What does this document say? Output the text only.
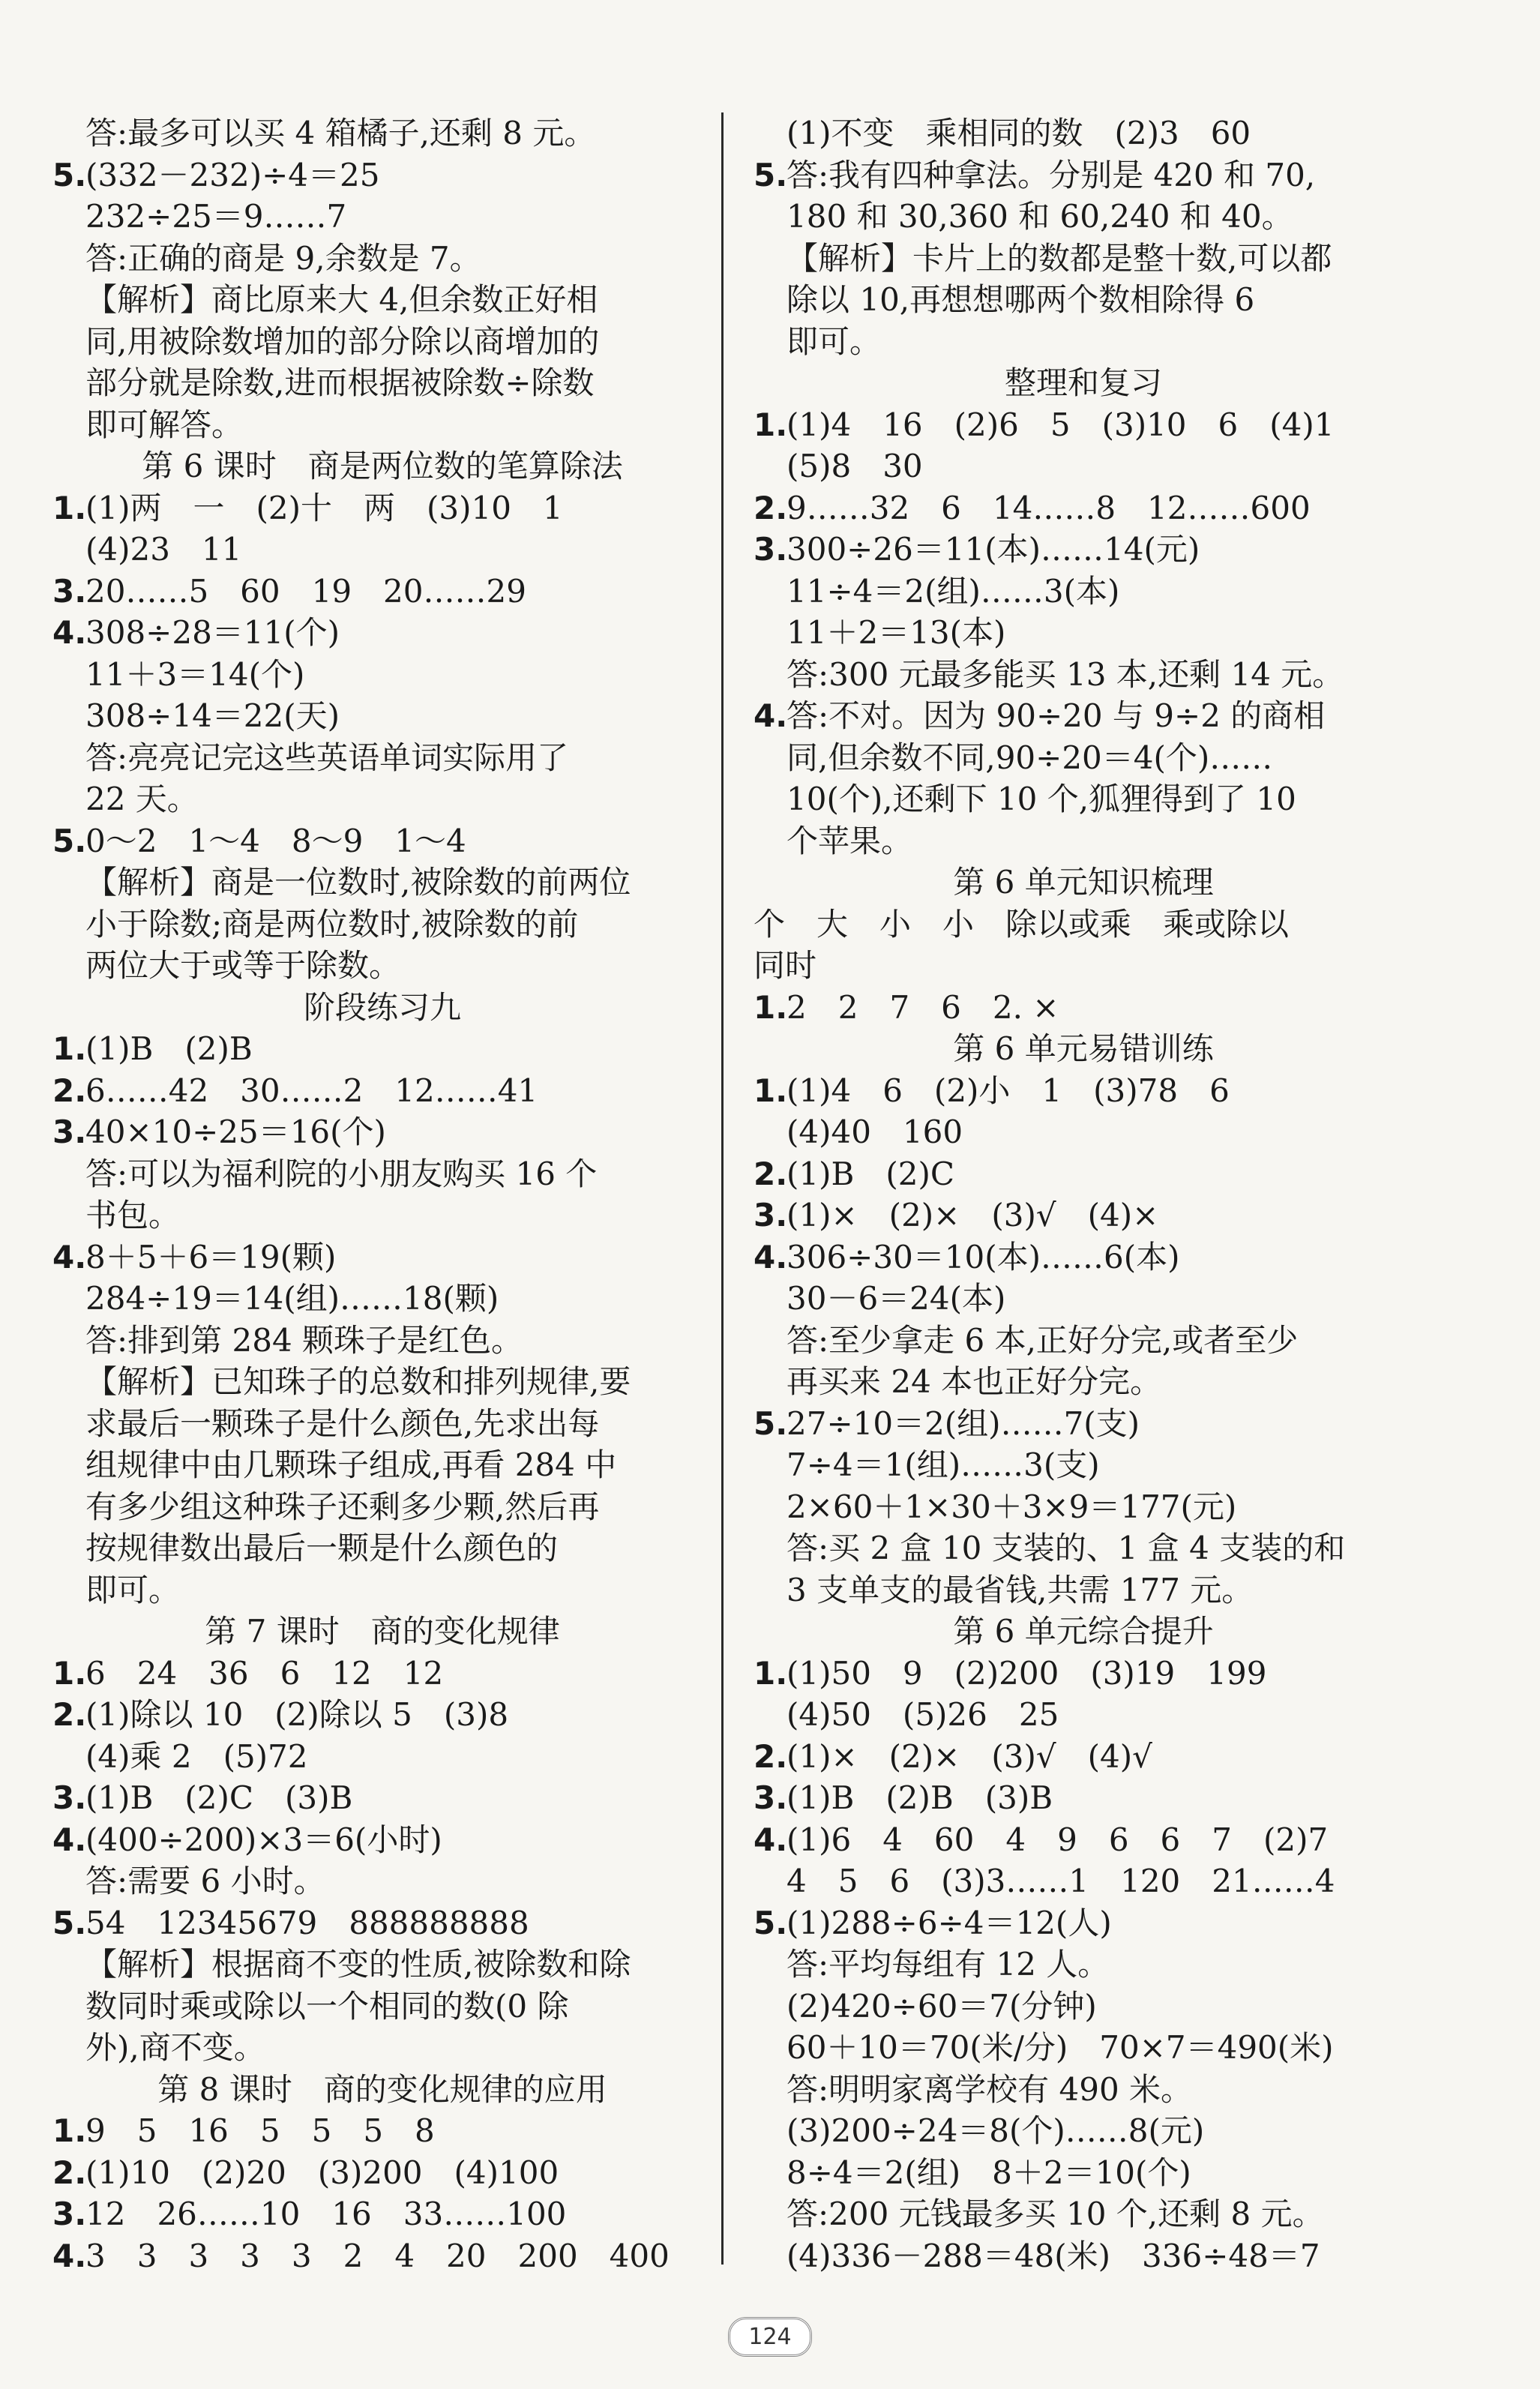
答:最多可以买 4 箱橘子,还剩 8 元。
5.(332－232)÷4＝25
232÷25＝9……7
答:正确的商是 9,余数是 7。
【解析】商比原来大 4,但余数正好相
同,用被除数增加的部分除以商增加的
部分就是除数,进而根据被除数÷除数
即可解答。
第 6 课时　商是两位数的笔算除法
1.(1)两　一　(2)十　两　(3)10　1
(4)23　11
3.20……5　60　19　20……29
4.308÷28＝11(个)
11＋3＝14(个)
308÷14＝22(天)
答:亮亮记完这些英语单词实际用了
22 天。
5.0～2　1～4　8～9　1～4
【解析】商是一位数时,被除数的前两位
小于除数;商是两位数时,被除数的前
两位大于或等于除数。
阶段练习九
1.(1)B　(2)B
2.6……42　30……2　12……41
3.40×10÷25＝16(个)
答:可以为福利院的小朋友购买 16 个
书包。
4.8＋5＋6＝19(颗)
284÷19＝14(组)……18(颗)
答:排到第 284 颗珠子是红色。
【解析】已知珠子的总数和排列规律,要
求最后一颗珠子是什么颜色,先求出每
组规律中由几颗珠子组成,再看 284 中
有多少组这种珠子还剩多少颗,然后再
按规律数出最后一颗是什么颜色的
即可。
第 7 课时　商的变化规律
1.6　24　36　6　12　12
2.(1)除以 10　(2)除以 5　(3)8
(4)乘 2　(5)72
3.(1)B　(2)C　(3)B
4.(400÷200)×3＝6(小时)
答:需要 6 小时。
5.54　12345679　888888888
【解析】根据商不变的性质,被除数和除
数同时乘或除以一个相同的数(0 除
外),商不变。
第 8 课时　商的变化规律的应用
1.9　5　16　5　5　5　8
2.(1)10　(2)20　(3)200　(4)100
3.12　26……10　16　33……100
4.3　3　3　3　3　2　4　20　200　400
(1)不变　乘相同的数　(2)3　60
5.答:我有四种拿法。分别是 420 和 70,
180 和 30,360 和 60,240 和 40。
【解析】卡片上的数都是整十数,可以都
除以 10,再想想哪两个数相除得 6
即可。
整理和复习
1.(1)4　16　(2)6　5　(3)10　6　(4)1
(5)8　30
2.9……32　6　14……8　12……600
3.300÷26＝11(本)……14(元)
11÷4＝2(组)……3(本)
11＋2＝13(本)
答:300 元最多能买 13 本,还剩 14 元。
4.答:不对。因为 90÷20 与 9÷2 的商相
同,但余数不同,90÷20＝4(个)……
10(个),还剩下 10 个,狐狸得到了 10
个苹果。
第 6 单元知识梳理
个　大　小　小　除以或乘　乘或除以
同时
1.2　2　7　6　2. ×
第 6 单元易错训练
1.(1)4　6　(2)小　1　(3)78　6
(4)40　160
2.(1)B　(2)C
3.(1)×　(2)×　(3)√　(4)×
4.306÷30＝10(本)……6(本)
30－6＝24(本)
答:至少拿走 6 本,正好分完,或者至少
再买来 24 本也正好分完。
5.27÷10＝2(组)……7(支)
7÷4＝1(组)……3(支)
2×60＋1×30＋3×9＝177(元)
答:买 2 盒 10 支装的、1 盒 4 支装的和
3 支单支的最省钱,共需 177 元。
第 6 单元综合提升
1.(1)50　9　(2)200　(3)19　199
(4)50　(5)26　25
2.(1)×　(2)×　(3)√　(4)√
3.(1)B　(2)B　(3)B
4.(1)6　4　60　4　9　6　6　7　(2)7
4　5　6　(3)3……1　120　21……4
5.(1)288÷6÷4＝12(人)
答:平均每组有 12 人。
(2)420÷60＝7(分钟)
60＋10＝70(米/分)　70×7＝490(米)
答:明明家离学校有 490 米。
(3)200÷24＝8(个)……8(元)
8÷4＝2(组)　8＋2＝10(个)
答:200 元钱最多买 10 个,还剩 8 元。
(4)336－288＝48(米)　336÷48＝7
124
